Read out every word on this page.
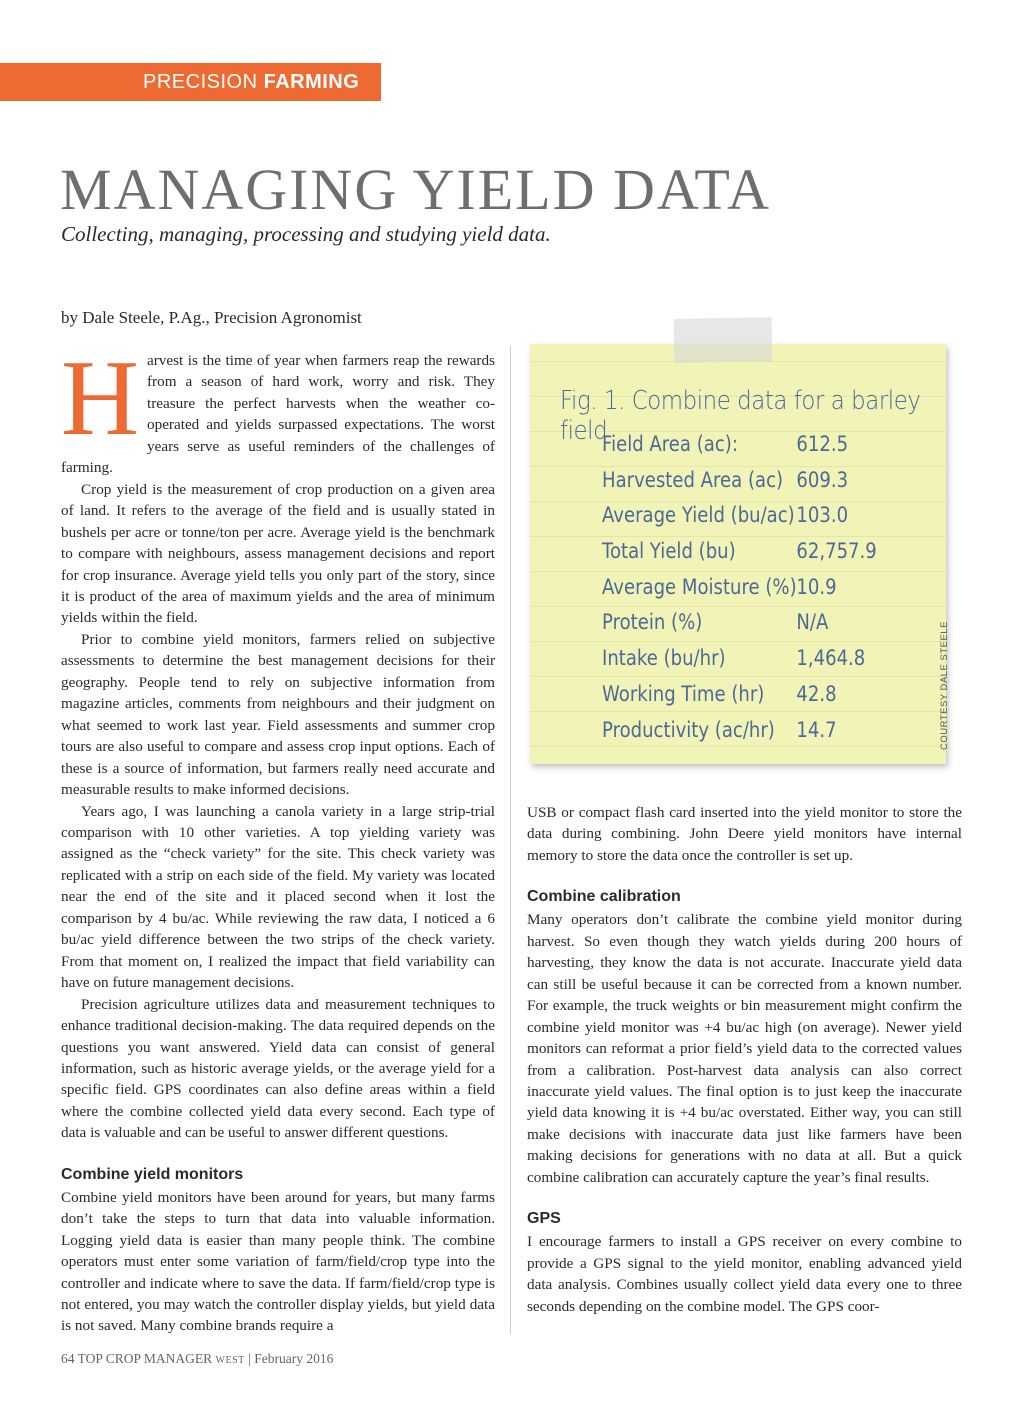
PRECISION FARMING
MANAGING YIELD DATA
Collecting, managing, processing and studying yield data.
by Dale Steele, P.Ag., Precision Agronomist

Harvest is the time of year when farmers reap the rewards from a season of hard work, worry and risk. They treasure the perfect harvests when the weather co-operated and yields surpassed expectations. The worst years serve as useful reminders of the challenges of farming.

Crop yield is the measurement of crop production on a given area of land. It refers to the average of the field and is usually stated in bushels per acre or tonne/ton per acre. Average yield is the benchmark to compare with neighbours, assess management decisions and report for crop insurance. Average yield tells you only part of the story, since it is product of the area of maximum yields and the area of minimum yields within the field.

Prior to combine yield monitors, farmers relied on subjective assessments to determine the best management decisions for their geography. People tend to rely on subjective information from magazine articles, comments from neighbours and their judgment on what seemed to work last year. Field assessments and summer crop tours are also useful to compare and assess crop input options. Each of these is a source of information, but farmers really need accurate and measurable results to make informed decisions.

Years ago, I was launching a canola variety in a large strip-trial comparison with 10 other varieties. A top yielding variety was assigned as the “check variety” for the site. This check variety was replicated with a strip on each side of the field. My variety was located near the end of the site and it placed second when it lost the comparison by 4 bu/ac. While reviewing the raw data, I noticed a 6 bu/ac yield difference between the two strips of the check variety. From that moment on, I realized the impact that field variability can have on future management decisions.

Precision agriculture utilizes data and measurement techniques to enhance traditional decision-making. The data required depends on the questions you want answered. Yield data can consist of general information, such as historic average yields, or the average yield for a specific field. GPS coordinates can also define areas within a field where the combine collected yield data every second. Each type of data is valuable and can be useful to answer different questions.

Combine yield monitors

Combine yield monitors have been around for years, but many farms don’t take the steps to turn that data into valuable information. Logging yield data is easier than many people think. The combine operators must enter some variation of farm/field/crop type into the controller and indicate where to save the data. If farm/field/crop type is not entered, you may watch the controller display yields, but yield data is not saved. Many combine brands require a

Fig. 1. Combine data for a barley field
Field Area (ac):	612.5
Harvested Area (ac) 609.3
Average Yield (bu/ac) 103.0
Total Yield (bu)	62,757.9
Average Moisture (%) 10.9
Protein (%)	N/A
Intake (bu/hr)	1,464.8
Working Time (hr) 42.8
Productivity (ac/hr) 14.7	COURTESY DALE STEELE

USB or compact flash card inserted into the yield monitor to store the data during combining. John Deere yield monitors have internal memory to store the data once the controller is set up.

Combine calibration

Many operators don’t calibrate the combine yield monitor during harvest. So even though they watch yields during 200 hours of harvesting, they know the data is not accurate. Inaccurate yield data can still be useful because it can be corrected from a known number. For example, the truck weights or bin measurement might confirm the combine yield monitor was +4 bu/ac high (on average). Newer yield monitors can reformat a prior field’s yield data to the corrected values from a calibration. Post-harvest data analysis can also correct inaccurate yield values. The final option is to just keep the inaccurate yield data knowing it is +4 bu/ac overstated. Either way, you can still make decisions with inaccurate data just like farmers have been making decisions for generations with no data at all. But a quick combine calibration can accurately capture the year’s final results.

GPS

I encourage farmers to install a GPS receiver on every combine to provide a GPS signal to the yield monitor, enabling advanced yield data analysis. Combines usually collect yield data every one to three seconds depending on the combine model. The GPS coor-

64 TOP CROP MANAGER WEST | February 2016
